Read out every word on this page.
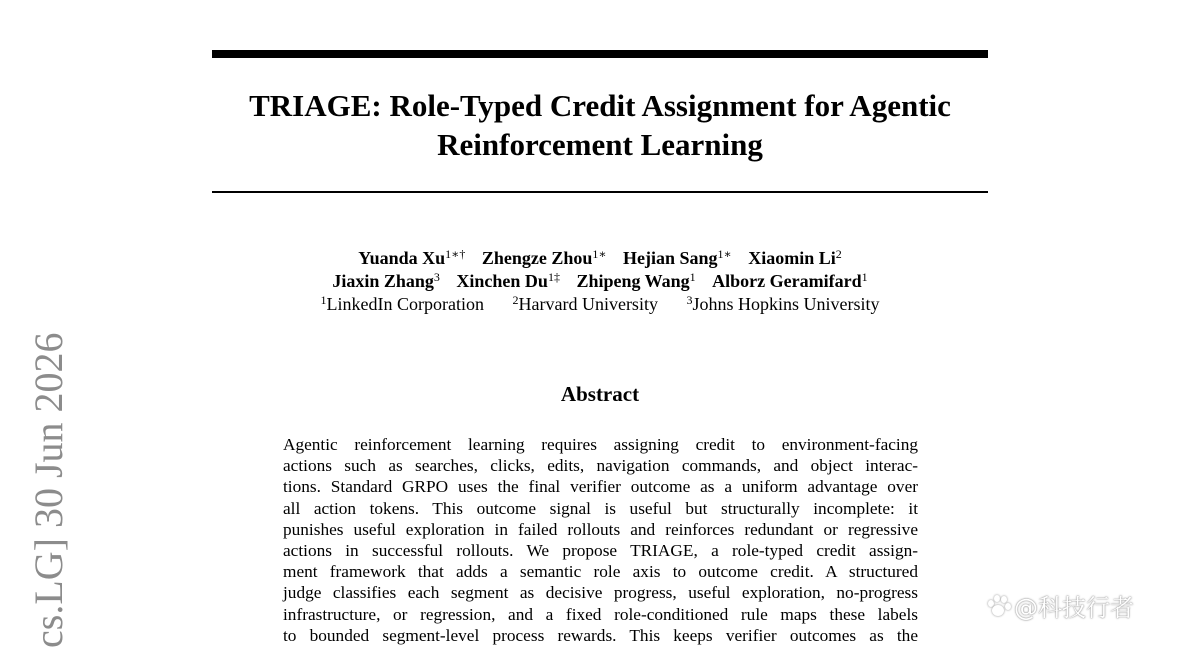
TRIAGE: Role-Typed Credit Assignment for Agentic
Reinforcement Learning
Yuanda $Xu^{1∗\dagger}$ Zhengze Zhou$^{1∗}$ Hejian Sang$^{1∗}$ Xiaomin Li$^2$
Jiaxin Zhang$^3$ Xinchen $Du^{1\ddagger}$ Zhipeng Wang$^1$ Alborz Geramifard$^1$
$^1$LinkedIn Corporation $^2$Harvard University $^3$Johns Hopkins University
Abstract
Agentic reinforcement learning requires assigning credit to environment-facing
actions such as searches, clicks, edits, navigation commands, and object interac-
tions. Standard GRPO uses the final verifier outcome as a uniform advantage over
all action tokens. This outcome signal is useful but structurally incomplete: it
punishes useful exploration in failed rollouts and reinforces redundant or regressive
actions in successful rollouts. We propose TRIAGE, a role-typed credit assign-
ment framework that adds a semantic role axis to outcome credit. A structured
judge classifies each segment as decisive progress, useful exploration, no-progress
infrastructure, or regression, and a fixed role-conditioned rule maps these labels
to bounded segment-level process rewards. This keeps verifier outcomes as the
cs.LG] 30 Jun 2026	@科技行者
